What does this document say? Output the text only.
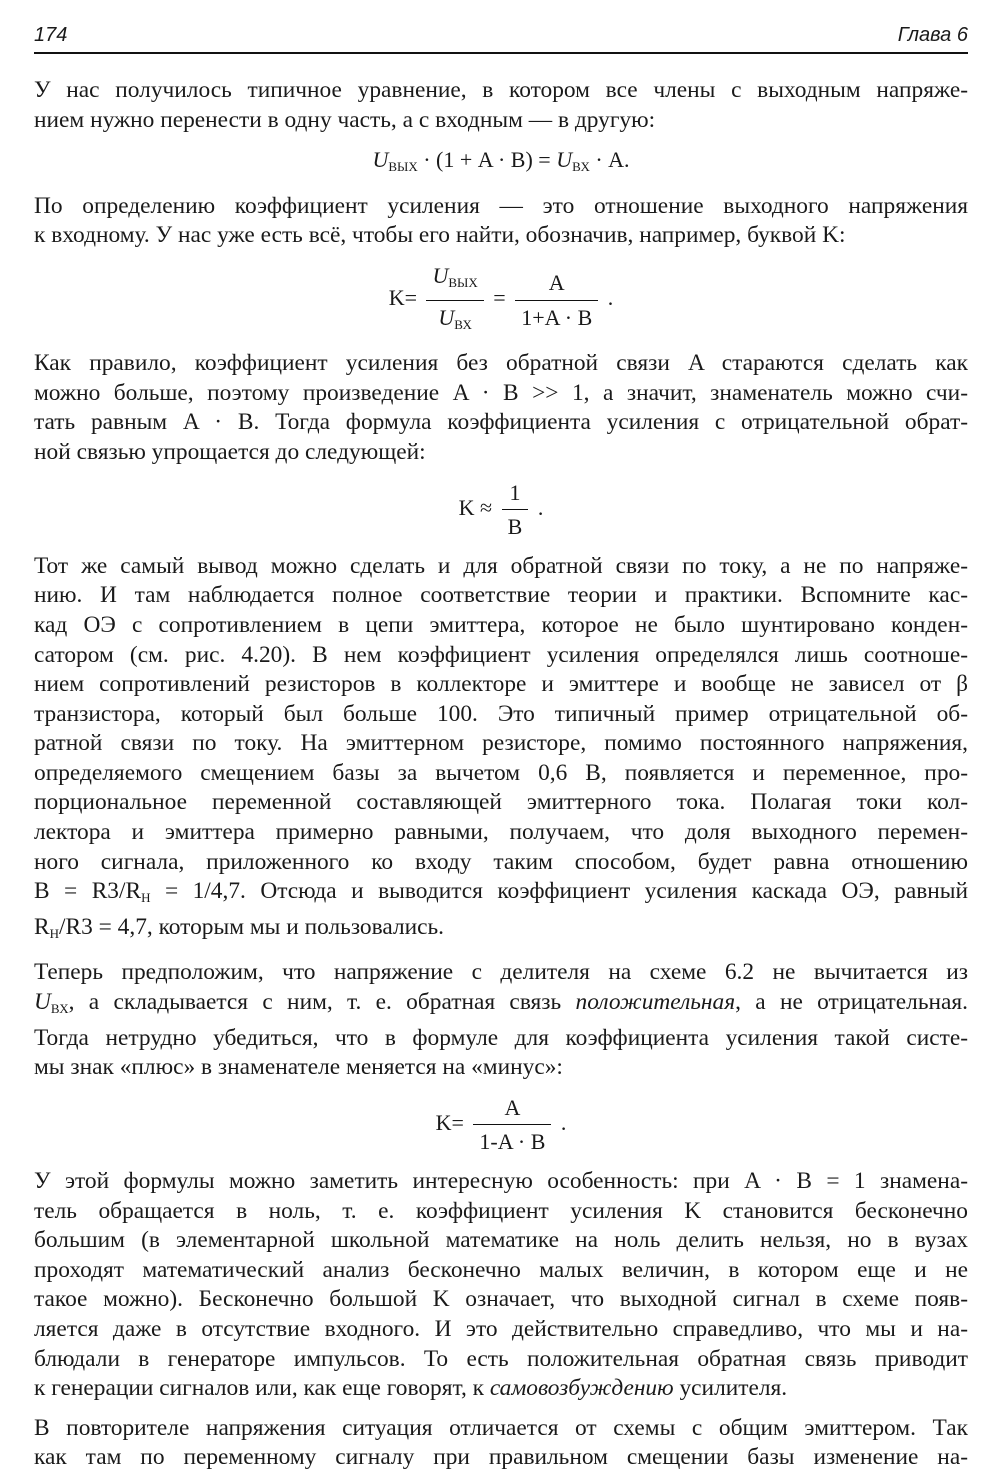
174	Глава 6

У нас получилось типичное уравнение, в котором все члены с выходным напряже-
нием нужно перенести в одну часть, а с входным — в другую:

$U_{ВЫХ} \cdot (1 + A \cdot B) = U_{ВХ} \cdot A$.

По определению коэффициент усиления — это отношение выходного напряжения
к входному. У нас уже есть всё, чтобы его найти, обозначив, например, буквой K:

$K= \frac{U_{ВЫХ}}{U_{ВХ}} = \frac{A}{1+A \cdot B}$ .

Как правило, коэффициент усиления без обратной связи A стараются сделать как
можно больше, поэтому произведение A · B >> 1, а значит, знаменатель можно счи-
тать равным A · B. Тогда формула коэффициента усиления с отрицательной обрат-
ной связью упрощается до следующей:

$K \approx \frac{1}{B}$ .

Тот же самый вывод можно сделать и для обратной связи по току, а не по напряже-
нию. И там наблюдается полное соответствие теории и практики. Вспомните кас-
кад ОЭ с сопротивлением в цепи эмиттера, которое не было шунтировано конден-
сатором (см. рис. 4.20). В нем коэффициент усиления определялся лишь соотноше-
нием сопротивлений резисторов в коллекторе и эмиттере и вообще не зависел от β
транзистора, который был больше 100. Это типичный пример отрицательной об-
ратной связи по току. На эмиттерном резисторе, помимо постоянного напряжения,
определяемого смещением базы за вычетом 0,6 В, появляется и переменное, про-
порциональное переменной составляющей эмиттерного тока. Полагая токи кол-
лектора и эмиттера примерно равными, получаем, что доля выходного перемен-
ного сигнала, приложенного ко входу таким способом, будет равна отношению
$B = R3/R_Н = 1/4,7$. Отсюда и выводится коэффициент усиления каскада ОЭ, равный
$R_Н/R3 = 4,7$, которым мы и пользовались.

Теперь предположим, что напряжение с делителя на схеме 6.2 не вычитается из
$U_{ВХ}$, а складывается с ним, т. е. обратная связь положительная, а не отрицательная.
Тогда нетрудно убедиться, что в формуле для коэффициента усиления такой систе-
мы знак «плюс» в знаменателе меняется на «минус»:

$K= \frac{A}{1-A \cdot B}$ .

У этой формулы можно заметить интересную особенность: при A · B = 1 знамена-
тель обращается в ноль, т. е. коэффициент усиления K становится бесконечно
большим (в элементарной школьной математике на ноль делить нельзя, но в вузах
проходят математический анализ бесконечно малых величин, в котором еще и не
такое можно). Бесконечно большой K означает, что выходной сигнал в схеме появ-
ляется даже в отсутствие входного. И это действительно справедливо, что мы и на-
блюдали в генераторе импульсов. То есть положительная обратная связь приводит
к генерации сигналов или, как еще говорят, к самовозбуждению усилителя.

В повторителе напряжения ситуация отличается от схемы с общим эмиттером. Так
как там по переменному сигналу при правильном смещении базы изменение на-
